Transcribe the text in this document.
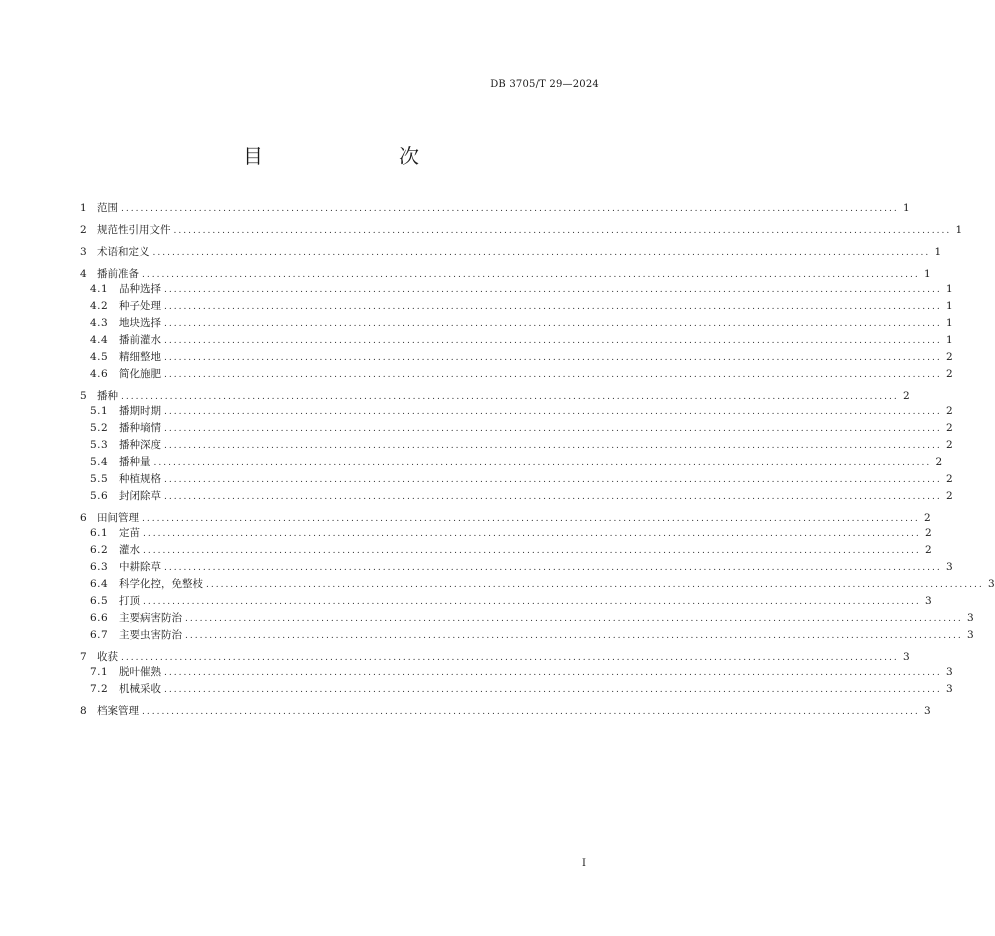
DB 3705/T 29—2024
目　　次
1 范围 ................................................................................................................................................................ 1
2 规范性引用文件 ................................................................................................................................................................ 1
3 术语和定义 ................................................................................................................................................................ 1
4 播前准备 ................................................................................................................................................................ 1
4.1	品种选择 ................................................................................................................................................................ 1
4.2	种子处理 ................................................................................................................................................................ 1
4.3	地块选择 ................................................................................................................................................................ 1
4.4	播前灌水 ................................................................................................................................................................ 1
4.5	精细整地 ................................................................................................................................................................ 2
4.6	简化施肥 ................................................................................................................................................................ 2
5 播种 ................................................................................................................................................................ 2
5.1	播期时期 ................................................................................................................................................................ 2
5.2	播种墒情 ................................................................................................................................................................ 2
5.3	播种深度 ................................................................................................................................................................ 2
5.4	播种量 ................................................................................................................................................................ 2
5.5	种植规格 ................................................................................................................................................................ 2
5.6	封闭除草 ................................................................................................................................................................ 2
6 田间管理 ................................................................................................................................................................ 2
6.1	定苗 ................................................................................................................................................................ 2
6.2	灌水 ................................................................................................................................................................ 2
6.3	中耕除草 ................................................................................................................................................................ 3
6.4	科学化控，免整枝 ................................................................................................................................................................ 3
6.5	打顶 ................................................................................................................................................................ 3
6.6	主要病害防治 ................................................................................................................................................................ 3
6.7	主要虫害防治 ................................................................................................................................................................ 3
7 收获 ................................................................................................................................................................ 3
7.1	脱叶催熟 ................................................................................................................................................................ 3
7.2	机械采收 ................................................................................................................................................................ 3
8 档案管理 ................................................................................................................................................................ 3
I
